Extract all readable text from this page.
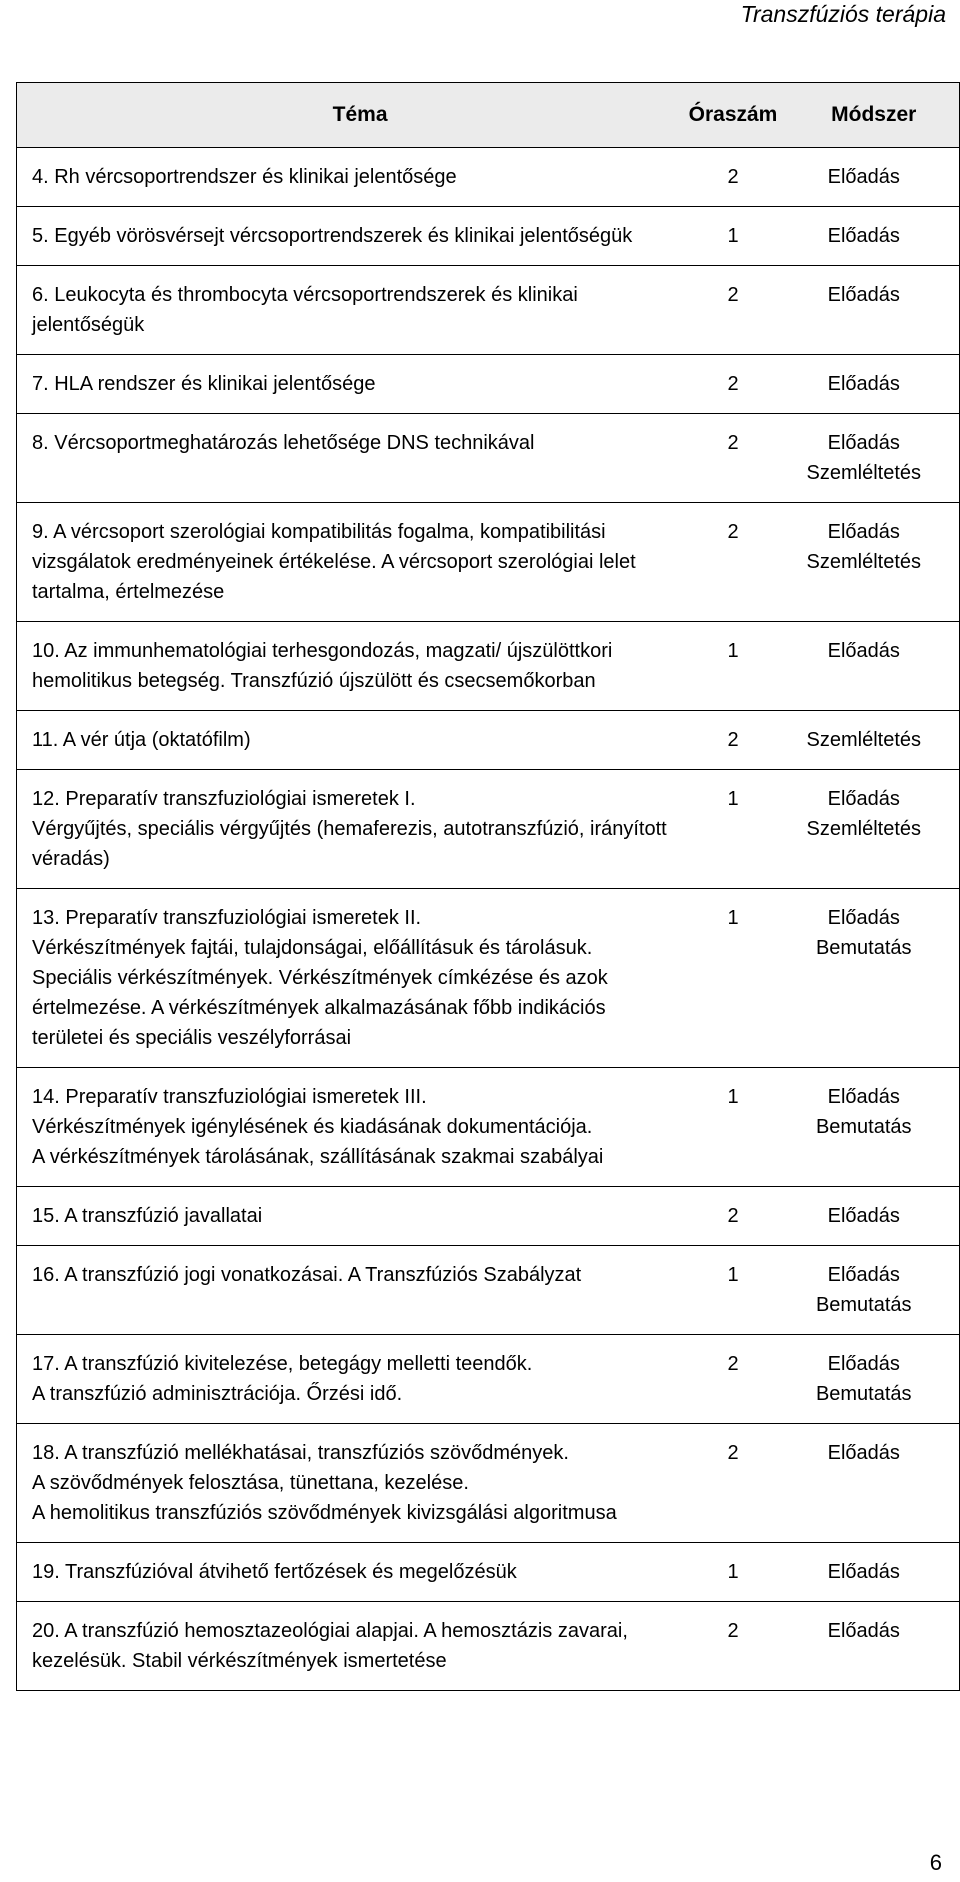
Transzfúziós terápia
Téma	Óraszám	Módszer
4. Rh vércsoportrendszer és klinikai jelentősége	2	Előadás

5. Egyéb vörösvérsejt vércsoportrendszerek és klinikai jelentőségük	1	Előadás

6. Leukocyta és thrombocyta vércsoportrendszerek és klinikai jelentőségük	2	Előadás

7. HLA rendszer és klinikai jelentősége	2	Előadás

8. Vércsoportmeghatározás lehetősége DNS technikával	2	Előadás
Szemléltetés

9. A vércsoport szerológiai kompatibilitás fogalma, kompatibilitási vizsgálatok eredményeinek értékelése. A vércsoport szerológiai lelet tartalma, értelmezése	2	Előadás
Szemléltetés

10. Az immunhematológiai terhesgondozás, magzati/ újszülöttkori hemolitikus betegség. Transzfúzió újszülött és csecsemőkorban	1	Előadás

11. A vér útja (oktatófilm)	2	Szemléltetés

12. Preparatív transzfuziológiai ismeretek I.
Vérgyűjtés, speciális vérgyűjtés (hemaferezis, autotranszfúzió, irányított véradás)	1	Előadás
Szemléltetés

13. Preparatív transzfuziológiai ismeretek II.
Vérkészítmények fajtái, tulajdonságai, előállításuk és tárolásuk. Speciális vérkészítmények. Vérkészítmények címkézése és azok értelmezése. A vérkészítmények alkalmazásának főbb indikációs területei és speciális veszélyforrásai	1	Előadás
Bemutatás

14. Preparatív transzfuziológiai ismeretek III.
Vérkészítmények igénylésének és kiadásának dokumentációja.
A vérkészítmények tárolásának, szállításának szakmai szabályai	1	Előadás
Bemutatás

15. A transzfúzió javallatai	2	Előadás

16. A transzfúzió jogi vonatkozásai. A Transzfúziós Szabályzat	1	Előadás
Bemutatás

17. A transzfúzió kivitelezése, betegágy melletti teendők.
A transzfúzió adminisztrációja. Őrzési idő.	2	Előadás
Bemutatás

18. A transzfúzió mellékhatásai, transzfúziós szövődmények.
A szövődmények felosztása, tünettana, kezelése.
A hemolitikus transzfúziós szövődmények kivizsgálási algoritmusa	2	Előadás

19. Transzfúzióval átvihető fertőzések és megelőzésük	1	Előadás

20. A transzfúzió hemosztazeológiai alapjai. A hemosztázis zavarai, kezelésük. Stabil vérkészítmények ismertetése	2	Előadás
6
